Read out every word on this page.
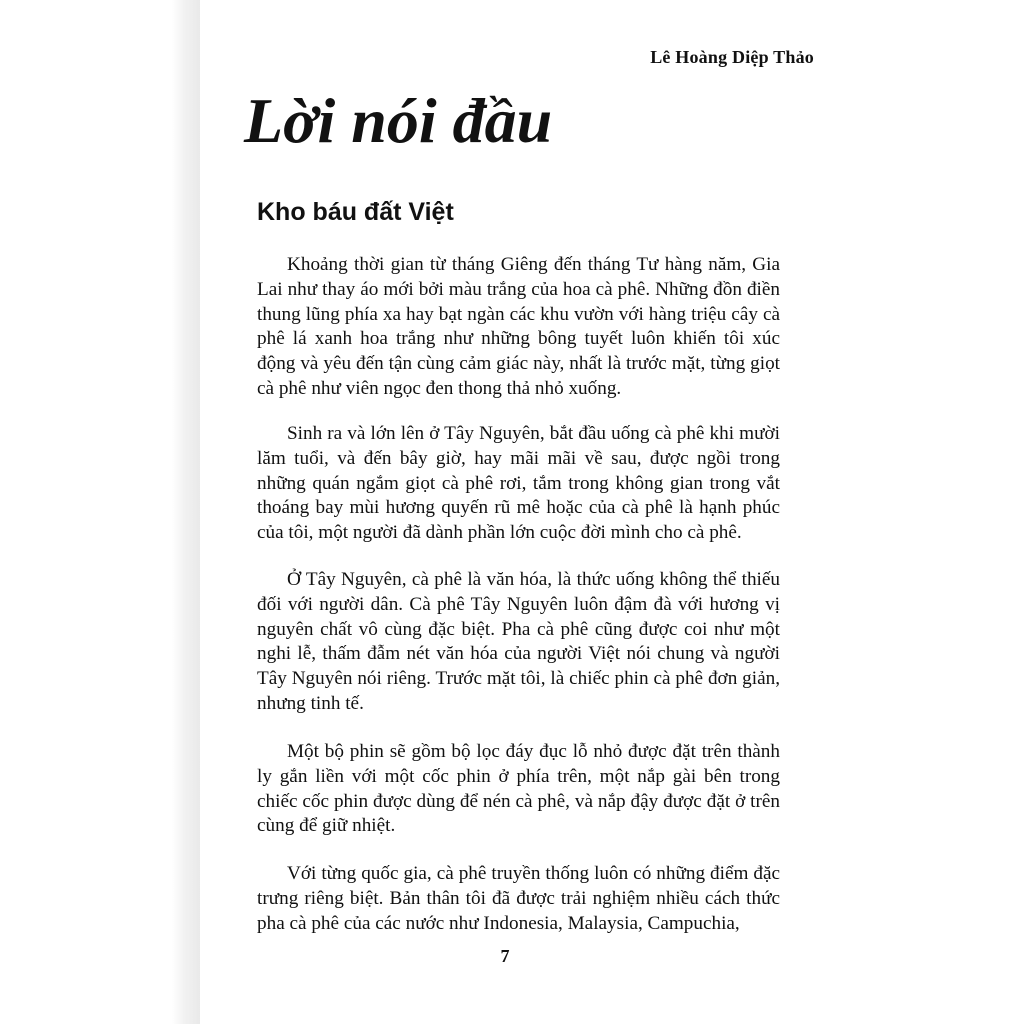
Lê Hoàng Diệp Thảo
Lời nói đầu
Kho báu đất Việt

Khoảng thời gian từ tháng Giêng đến tháng Tư hàng năm, Gia Lai như thay áo mới bởi màu trắng của hoa cà phê. Những đồn điền thung lũng phía xa hay bạt ngàn các khu vườn với hàng triệu cây cà phê lá xanh hoa trắng như những bông tuyết luôn khiến tôi xúc động và yêu đến tận cùng cảm giác này, nhất là trước mặt, từng giọt cà phê như viên ngọc đen thong thả nhỏ xuống.

Sinh ra và lớn lên ở Tây Nguyên, bắt đầu uống cà phê khi mười lăm tuổi, và đến bây giờ, hay mãi mãi về sau, được ngồi trong những quán ngắm giọt cà phê rơi, tắm trong không gian trong vắt thoáng bay mùi hương quyến rũ mê hoặc của cà phê là hạnh phúc của tôi, một người đã dành phần lớn cuộc đời mình cho cà phê.

Ở Tây Nguyên, cà phê là văn hóa, là thức uống không thể thiếu đối với người dân. Cà phê Tây Nguyên luôn đậm đà với hương vị nguyên chất vô cùng đặc biệt. Pha cà phê cũng được coi như một nghi lễ, thấm đẫm nét văn hóa của người Việt nói chung và người Tây Nguyên nói riêng. Trước mặt tôi, là chiếc phin cà phê đơn giản, nhưng tinh tế.

Một bộ phin sẽ gồm bộ lọc đáy đục lỗ nhỏ được đặt trên thành ly gắn liền với một cốc phin ở phía trên, một nắp gài bên trong chiếc cốc phin được dùng để nén cà phê, và nắp đậy được đặt ở trên cùng để giữ nhiệt.

Với từng quốc gia, cà phê truyền thống luôn có những điểm đặc trưng riêng biệt. Bản thân tôi đã được trải nghiệm nhiều cách thức pha cà phê của các nước như Indonesia, Malaysia, Campuchia,

7
